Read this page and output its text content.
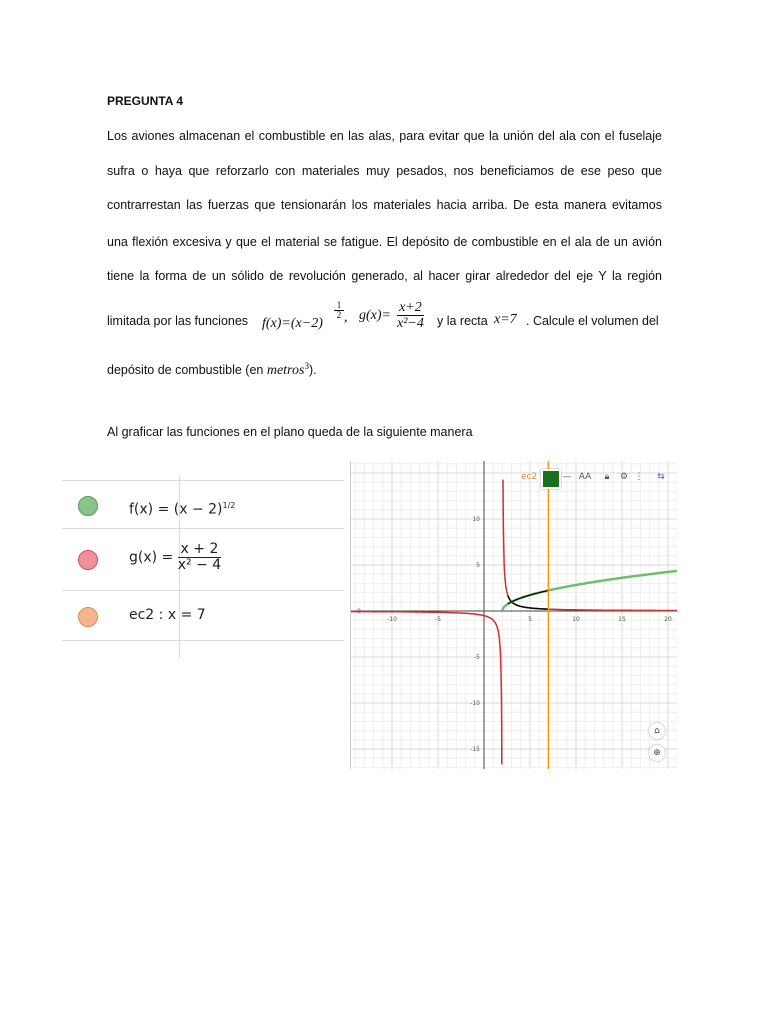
PREGUNTA 4
Los aviones almacenan el combustible en las alas, para evitar que la unión del ala con el fuselaje
sufra o haya que reforzarlo con materiales muy pesados, nos beneficiamos de ese peso que
contrarrestan las fuerzas que tensionarán los materiales hacia arriba. De esta manera evitamos
una flexión excesiva y que el material se fatigue. El depósito de combustible en el ala de un avión
tiene la forma de un sólido de revolución generado, al hacer girar alrededor del eje Y la región
limitada por las funciones f(x)=(x−2)
1
2 , $g(x)= \frac{x+2}{\text{x²−4}}$ y la recta x=7 . Calcule el volumen del
depósito de combustible (en metros$^3$).
Al graficar las funciones en el plano queda de la siguiente manera
$f(x) = (x - 2)^{1/2}$
$g(x) = \frac{x + 2}{\text{x² − 4}}$
ec2 : x = 7	-10	-5	5	10	15	20
10
5
-5
-10
-15
0
ec2	— AA	🔒︎	⚙ ⋮	⇆
⌂
⊕
